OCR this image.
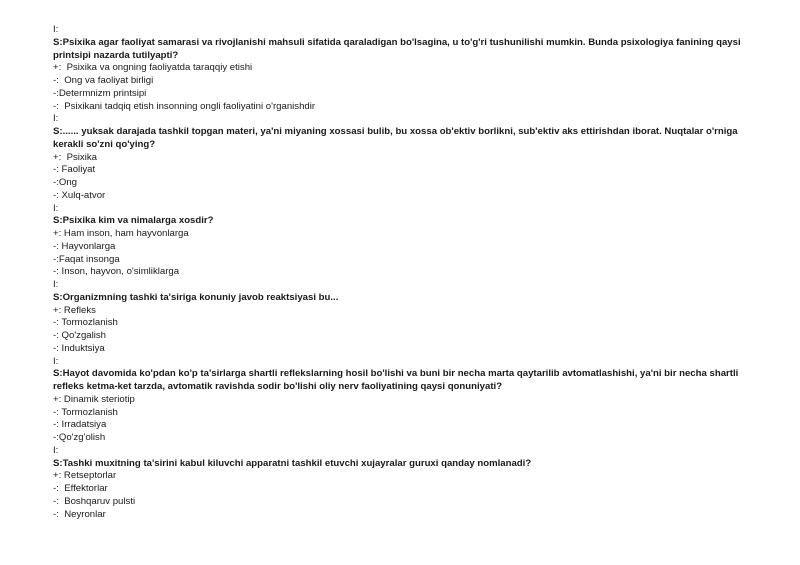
I:
S:Psixika agar faoliyat samarasi va rivojlanishi mahsuli sifatida qaraladigan bo'lsagina, u to'g'ri tushunilishi mumkin. Bunda psixologiya fanining qaysi printsipi nazarda tutilyapti?
+:  Psixika va ongning faoliyatda taraqqiy etishi
-:  Ong va faoliyat birligi
-:Determnizm printsipi
-:  Psixikani tadqiq etish insonning ongli faoliyatini o'rganishdir
I:
S:...... yuksak darajada tashkil topgan materi, ya'ni miyaning xossasi bulib, bu xossa ob'ektiv borlikni, sub'ektiv aks ettirishdan iborat. Nuqtalar o'rniga kerakli so'zni qo'ying?
+:  Psixika
-: Faoliyat
-:Ong
-: Xulq-atvor
I:
S:Psixika kim va nimalarga xosdir?
+: Ham inson, ham hayvonlarga
-: Hayvonlarga
-:Faqat insonga
-: Inson, hayvon, o'simliklarga
I:
S:Organizmning tashki ta'siriga konuniy javob reaktsiyasi bu...
+: Refleks
-: Tormozlanish
-: Qo'zgalish
-: Induktsiya
I:
S:Hayot davomida ko'pdan ko'p ta'sirlarga shartli reflekslarning hosil bo'lishi va buni bir necha marta qaytarilib avtomatlashishi, ya'ni bir necha shartli refleks ketma-ket tarzda, avtomatik ravishda sodir bo'lishi oliy nerv faoliyatining qaysi qonuniyati?
+: Dinamik steriotip
-: Tormozlanish
-: Irradatsiya
-:Qo'zg'olish
I:
S:Tashki muxitning ta'sirini kabul kiluvchi apparatni tashkil etuvchi xujayralar guruxi qanday nomlanadi?
+: Retseptorlar
-:  Effektorlar
-:  Boshqaruv pulsti
-:  Neyronlar
